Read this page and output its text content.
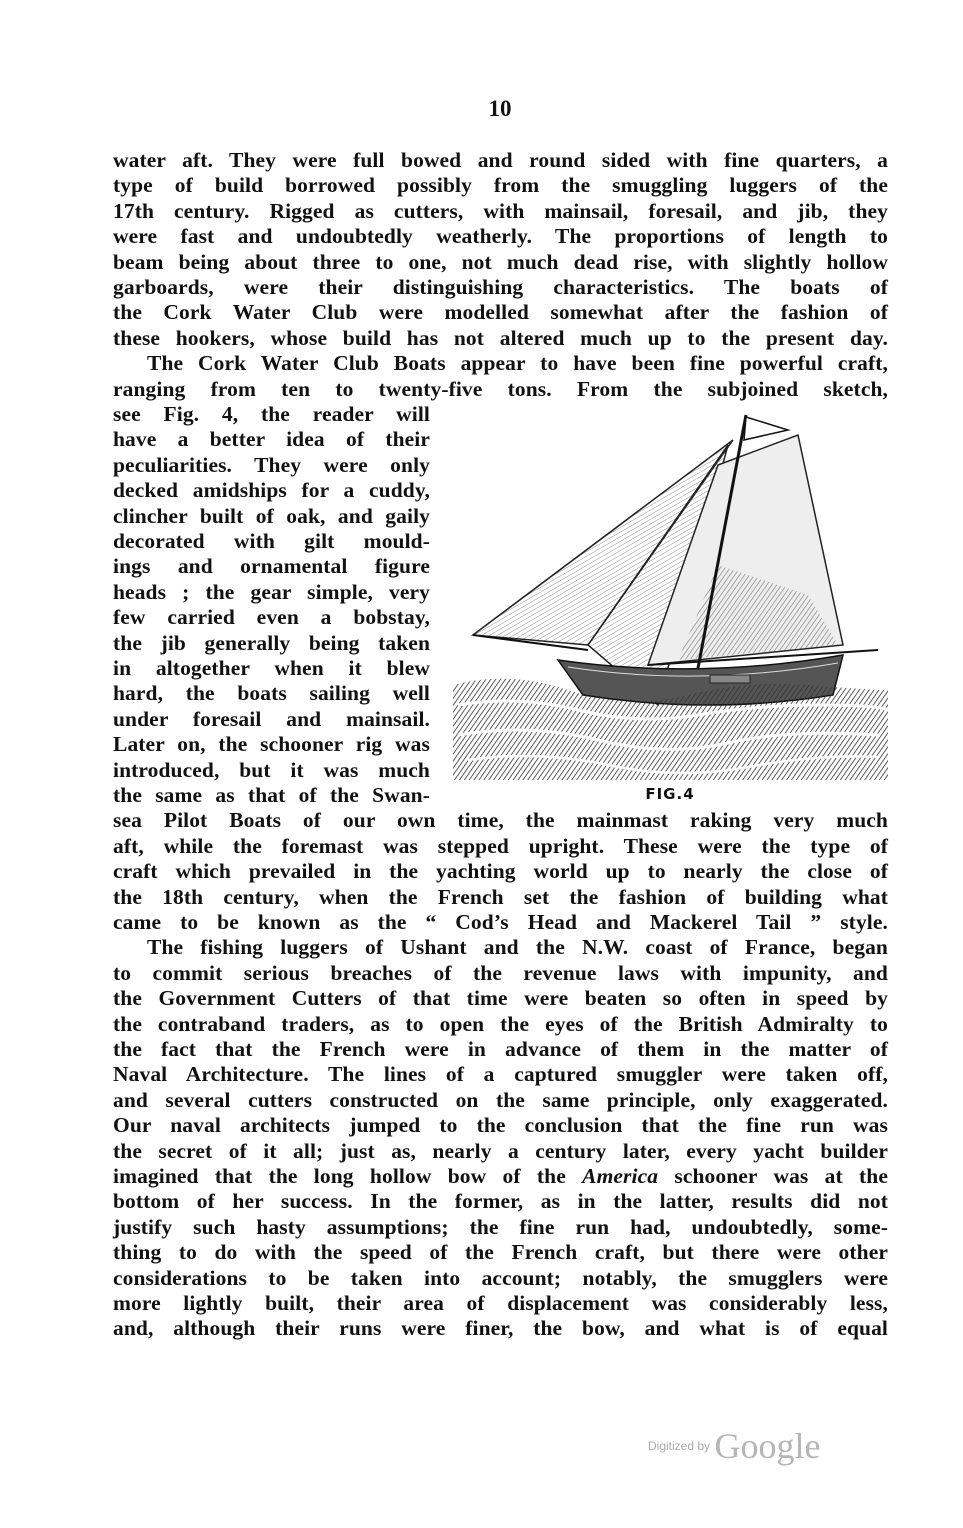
10
water aft. They were full bowed and round sided with fine quarters, a
type of build borrowed possibly from the smuggling luggers of the
17th century. Rigged as cutters, with mainsail, foresail, and jib, they
were fast and undoubtedly weatherly. The proportions of length to
beam being about three to one, not much dead rise, with slightly hollow
garboards, were their distinguishing characteristics. The boats of
the Cork Water Club were modelled somewhat after the fashion of
these hookers, whose build has not altered much up to the present day.
The Cork Water Club Boats appear to have been fine powerful craft,
ranging from ten to twenty-five tons. From the subjoined sketch,
see Fig. 4, the reader will
have a better idea of their
peculiarities. They were only
decked amidships for a cuddy,
clincher built of oak, and gaily
decorated with gilt mould-
ings and ornamental figure
heads ; the gear simple, very
few carried even a bobstay,
the jib generally being taken
in altogether when it blew
hard, the boats sailing well
under foresail and mainsail.
Later on, the schooner rig was
introduced, but it was much
the same as that of the Swan-
sea Pilot Boats of our own time, the mainmast raking very much
aft, while the foremast was stepped upright. These were the type of
craft which prevailed in the yachting world up to nearly the close of
the 18th century, when the French set the fashion of building what
came to be known as the “ Cod’s Head and Mackerel Tail ” style.
The fishing luggers of Ushant and the N.W. coast of France, began
to commit serious breaches of the revenue laws with impunity, and
the Government Cutters of that time were beaten so often in speed by
the contraband traders, as to open the eyes of the British Admiralty to
the fact that the French were in advance of them in the matter of
Naval Architecture. The lines of a captured smuggler were taken off,
and several cutters constructed on the same principle, only exaggerated.
Our naval architects jumped to the conclusion that the fine run was
the secret of it all; just as, nearly a century later, every yacht builder
imagined that the long hollow bow of the America schooner was at the
bottom of her success. In the former, as in the latter, results did not
justify such hasty assumptions; the fine run had, undoubtedly, some-
thing to do with the speed of the French craft, but there were other
considerations to be taken into account; notably, the smugglers were
more lightly built, their area of displacement was considerably less,
and, although their runs were finer, the bow, and what is of equal
FIG.4
Digitized by Google
